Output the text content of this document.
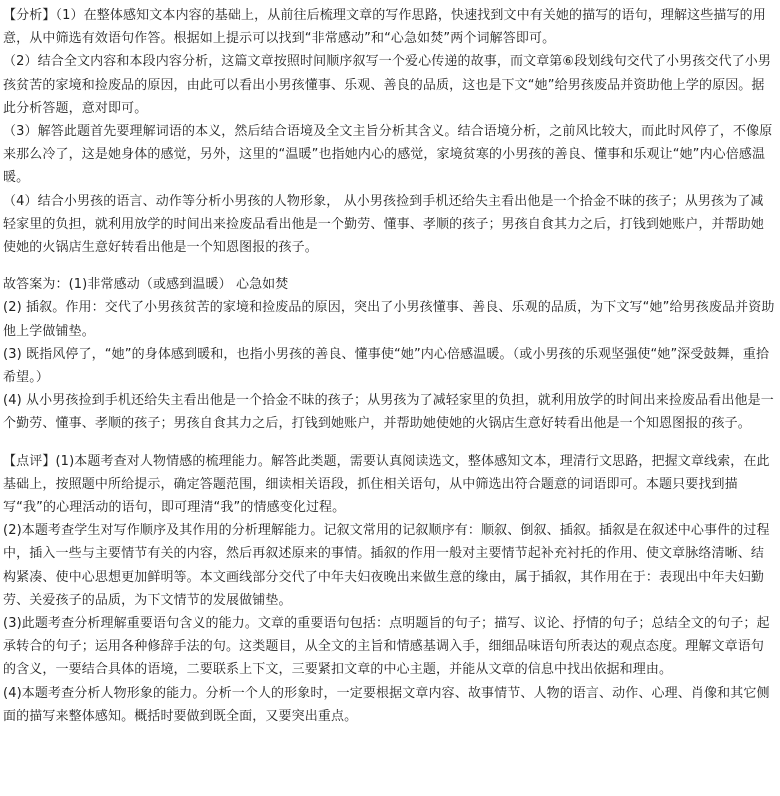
【分析】（1）在整体感知文本内容的基础上，从前往后梳理文章的写作思路，快速找到文中有关她的描写的语句，理解这些描写的用意，从中筛选有效语句作答。根据如上提示可以找到“非常感动”和“心急如焚”两个词解答即可。

（2）结合全文内容和本段内容分析，这篇文章按照时间顺序叙写一个爱心传递的故事，而文章第⑥段划线句交代了小男孩交代了小男孩贫苦的家境和捡废品的原因，由此可以看出小男孩懂事、乐观、善良的品质，这也是下文“她”给男孩废品并资助他上学的原因。据此分析答题，意对即可。

（3）解答此题首先要理解词语的本义，然后结合语境及全文主旨分析其含义。结合语境分析，之前风比较大，而此时风停了，不像原来那么冷了，这是她身体的感觉，另外，这里的“温暖”也指她内心的感觉，家境贫寒的小男孩的善良、懂事和乐观让“她”内心倍感温暖。

（4）结合小男孩的语言、动作等分析小男孩的人物形象， 从小男孩捡到手机还给失主看出他是一个拾金不昧的孩子；从男孩为了减轻家里的负担，就利用放学的时间出来捡废品看出他是一个勤劳、懂事、孝顺的孩子；男孩自食其力之后，打钱到她账户，并帮助她使她的火锅店生意好转看出他是一个知恩图报的孩子。

故答案为：(1)非常感动（或感到温暖） 心急如焚

(2) 插叙。作用：交代了小男孩贫苦的家境和捡废品的原因，突出了小男孩懂事、善良、乐观的品质，为下文写“她”给男孩废品并资助他上学做铺垫。

(3) 既指风停了，“她”的身体感到暖和，也指小男孩的善良、懂事使“她”内心倍感温暖。（或小男孩的乐观坚强使“她”深受鼓舞，重拾希望。）

(4) 从小男孩捡到手机还给失主看出他是一个拾金不昧的孩子；从男孩为了减轻家里的负担，就利用放学的时间出来捡废品看出他是一个勤劳、懂事、孝顺的孩子；男孩自食其力之后，打钱到她账户，并帮助她使她的火锅店生意好转看出他是一个知恩图报的孩子。

【点评】(1)本题考查对人物情感的梳理能力。解答此类题，需要认真阅读选文，整体感知文本，理清行文思路，把握文章线索，在此基础上，按照题中所给提示，确定答题范围，细读相关语段，抓住相关语句，从中筛选出符合题意的词语即可。本题只要找到描写“我”的心理活动的语句，即可理清“我”的情感变化过程。

(2)本题考查学生对写作顺序及其作用的分析理解能力。记叙文常用的记叙顺序有：顺叙、倒叙、插叙。插叙是在叙述中心事件的过程中，插入一些与主要情节有关的内容，然后再叙述原来的事情。插叙的作用一般对主要情节起补充衬托的作用、使文章脉络清晰、结构紧凑、使中心思想更加鲜明等。本文画线部分交代了中年夫妇夜晚出来做生意的缘由，属于插叙，其作用在于：表现出中年夫妇勤劳、关爱孩子的品质，为下文情节的发展做铺垫。

(3)此题考查分析理解重要语句含义的能力。文章的重要语句包括：点明题旨的句子；描写、议论、抒情的句子；总结全文的句子；起承转合的句子；运用各种修辞手法的句。这类题目，从全文的主旨和情感基调入手，细细品味语句所表达的观点态度。理解文章语句的含义，一要结合具体的语境，二要联系上下文，三要紧扣文章的中心主题，并能从文章的信息中找出依据和理由。

(4)本题考查分析人物形象的能力。分析一个人的形象时，一定要根据文章内容、故事情节、人物的语言、动作、心理、肖像和其它侧面的描写来整体感知。概括时要做到既全面，又要突出重点。
